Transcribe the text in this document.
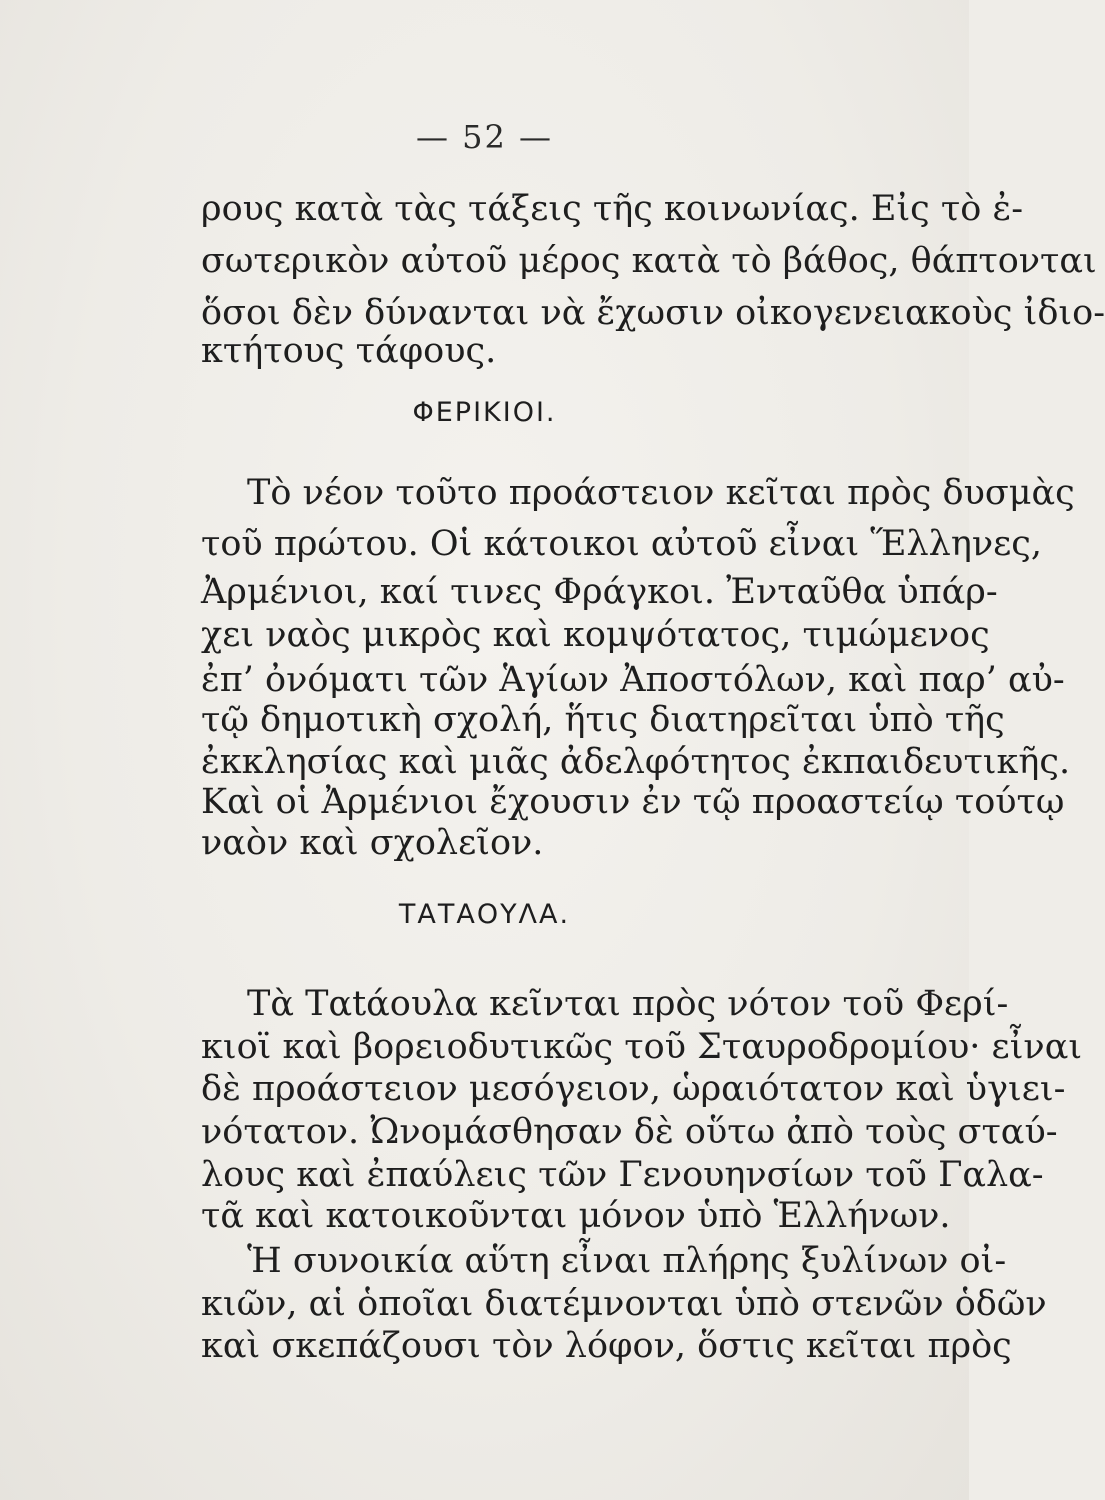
— 52 —
ρους κατὰ τὰς τάξεις τῆς κοινωνίας. Εἰς τὸ ἐ-
σωτερικὸν αὐτοῦ μέρος κατὰ τὸ βάθος, θάπτονται
ὅσοι δὲν δύνανται νὰ ἔχωσιν οἰκογενειακοὺς ἰδιο-
κτήτους τάφους.
ΦΕΡΙΚΙΟΙ.
Τὸ νέον τοῦτο προάστειον κεῖται πρὸς δυσμὰς
τοῦ πρώτου. Οἱ κάτοικοι αὐτοῦ εἶναι Ἕλληνες,
Ἀρμένιοι, καί τινες Φράγκοι. Ἐνταῦθα ὑπάρ-
χει ναὸς μικρὸς καὶ κομψότατος, τιμώμενος
ἐπ’ ὀνόματι τῶν Ἁγίων Ἀποστόλων, καὶ παρ’ αὐ-
τῷ δημοτικὴ σχολή, ἥτις διατηρεῖται ὑπὸ τῆς
ἐκκλησίας καὶ μιᾶς ἀδελφότητος ἐκπαιδευτικῆς.
Καὶ οἱ Ἀρμένιοι ἔχουσιν ἐν τῷ προαστείῳ τούτῳ
ναὸν καὶ σχολεῖον.
ΤΑΤΑΟΥΛΑ.
Τὰ Ταtάουλα κεῖνται πρὸς νότον τοῦ Φερί-
κιοϊ καὶ βορειοδυτικῶς τοῦ Σταυροδρομίου· εἶναι
δὲ προάστειον μεσόγειον, ὡραιότατον καὶ ὑγιει-
νότατον. Ὠνομάσθησαν δὲ οὕτω ἀπὸ τοὺς σταύ-
λους καὶ ἐπαύλεις τῶν Γενουηνσίων τοῦ Γαλα-
τᾶ καὶ κατοικοῦνται μόνον ὑπὸ Ἑλλήνων.
Ἡ συνοικία αὕτη εἶναι πλήρης ξυλίνων οἰ-
κιῶν, αἱ ὁποῖαι διατέμνονται ὑπὸ στενῶν ὁδῶν
καὶ σκεπάζουσι τὸν λόφον, ὅστις κεῖται πρὸς
